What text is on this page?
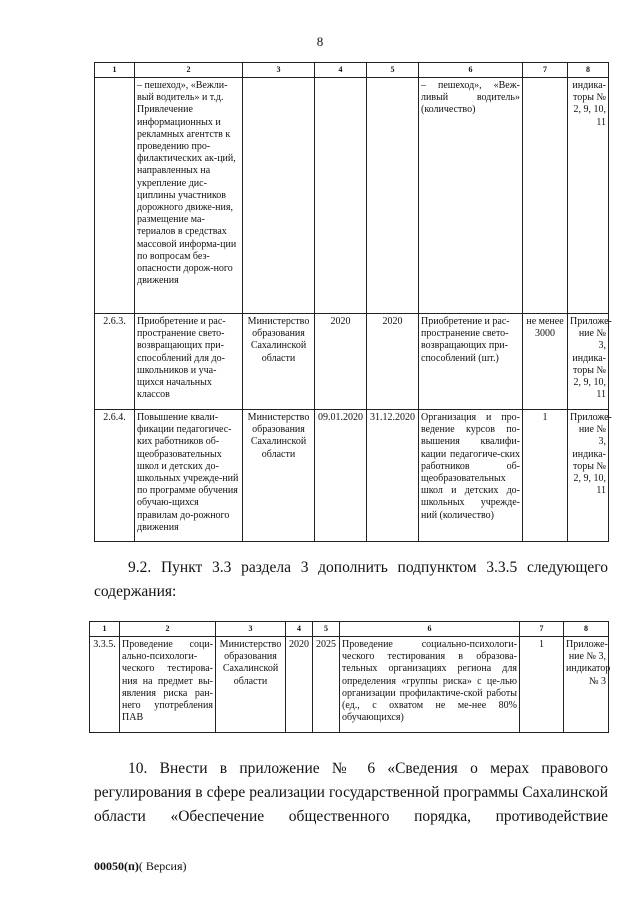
8
1	2	3	4	5	6	7	8
	– пешеход», «Вежли-вый водитель» и т.д. Привлечение информационных и рекламных агентств к проведению про-филактических ак-ций, направленных на укрепление дис-циплины участников дорожного движе-ния, размещение ма-териалов в средствах массовой информа-ции по вопросам без-опасности дорож-ного движения				– пешеход», «Веж-ливый водитель» (количество)		индика-торы № 2, 9, 10, 11
2.6.3.	Приобретение и рас-пространение свето-возвращающих при-способлений для до-школьников и уча-щихся начальных классов	Министерство образования Сахалинской области	2020	2020	Приобретение и рас-пространение свето-возвращающих при-способлений (шт.)	не менее 3000	Приложе-ние № 3, индика-торы № 2, 9, 10, 11
2.6.4.	Повышение квали-фикации педагогичес-ких работников об-щеобразовательных школ и детских до-школьных учрежде-ний по программе обучения обучаю-щихся правилам до-рожного движения	Министерство образования Сахалинской области	09.01.2020	31.12.2020	Организация и про-ведение курсов по-вышения квалифи-кации педагогиче-ских работников об-щеобразовательных школ и детских до-школьных учрежде-ний (количество)	1	Приложе-ние № 3, индика-торы № 2, 9, 10, 11
9.2. Пункт 3.3 раздела 3 дополнить подпунктом 3.3.5 следующего
содержания:
1	2	3	4	5	6	7	8
3.3.5.	Проведение соци-ально-психологи-ческого тестирова-ния на предмет вы-явления риска ран-него употребления ПАВ	Министерство образования Сахалинской области	2020	2025	Проведение социально-психологи-ческого тестирования в образова-тельных организациях региона для определения «группы риска» с це-лью организации профилактиче-ской работы (ед., с охватом не ме-нее 80% обучающихся)	1	Приложе-ние № 3, индикатор № 3
10. Внести в приложение № 6 «Сведения о мерах правового
регулирования в сфере реализации государственной программы Сахалинской
области «Обеспечение общественного порядка, противодействие
00050(п)( Версия)
